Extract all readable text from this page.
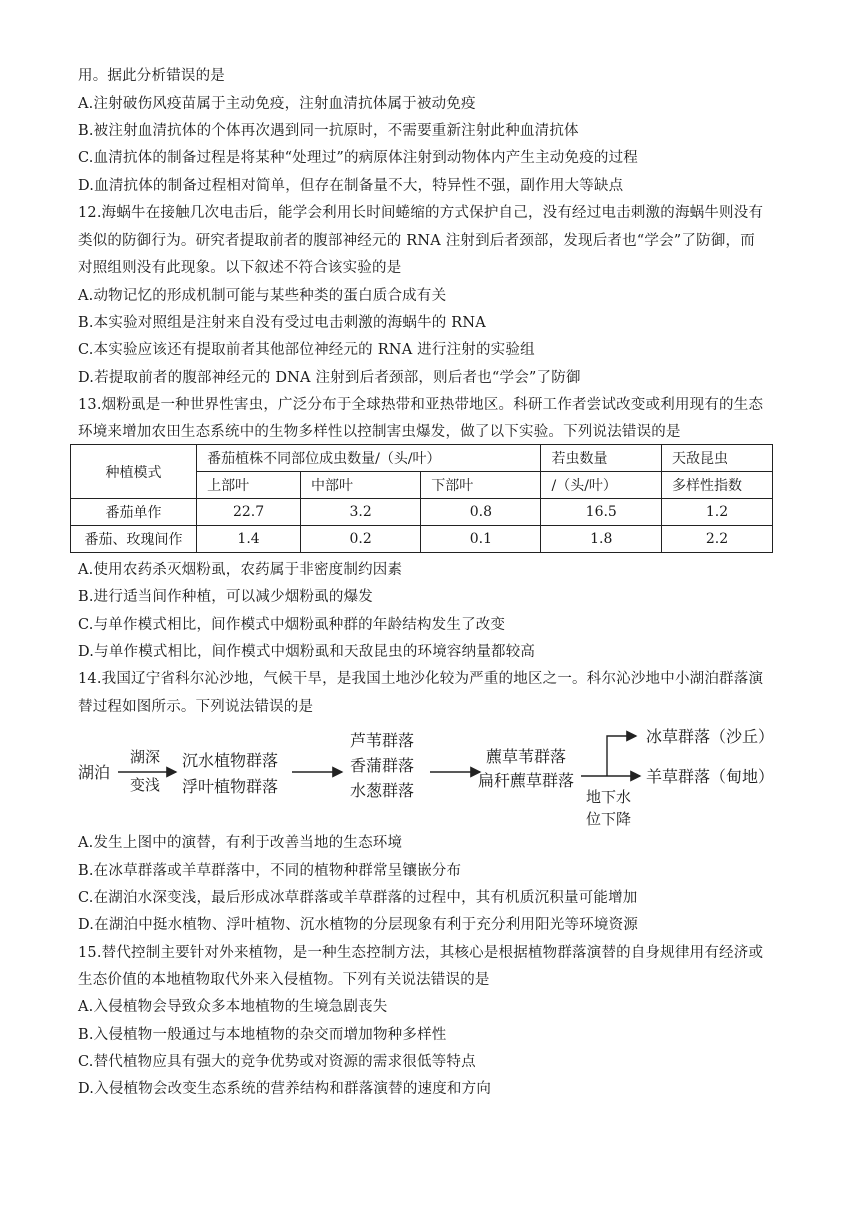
用。据此分析错误的是
A.注射破伤风疫苗属于主动免疫，注射血清抗体属于被动免疫
B.被注射血清抗体的个体再次遇到同一抗原时，不需要重新注射此种血清抗体
C.血清抗体的制备过程是将某种“处理过”的病原体注射到动物体内产生主动免疫的过程
D.血清抗体的制备过程相对简单，但存在制备量不大，特异性不强，副作用大等缺点
12.海蜗牛在接触几次电击后，能学会利用长时间蜷缩的方式保护自己，没有经过电击刺激的海蜗牛则没有
类似的防御行为。研究者提取前者的腹部神经元的 RNA 注射到后者颈部，发现后者也“学会”了防御，而
对照组则没有此现象。以下叙述不符合该实验的是
A.动物记忆的形成机制可能与某些种类的蛋白质合成有关
B.本实验对照组是注射来自没有受过电击刺激的海蜗牛的 RNA
C.本实验应该还有提取前者其他部位神经元的 RNA 进行注射的实验组
D.若提取前者的腹部神经元的 DNA 注射到后者颈部，则后者也“学会”了防御
13.烟粉虱是一种世界性害虫，广泛分布于全球热带和亚热带地区。科研工作者尝试改变或利用现有的生态
环境来增加农田生态系统中的生物多样性以控制害虫爆发，做了以下实验。下列说法错误的是
种植模式	番茄植株不同部位成虫数量/（头/叶）			若虫数量	天敌昆虫
	上部叶	中部叶	下部叶	/（头/叶）	多样性指数
番茄单作	22.7	3.2	0.8	16.5	1.2
番茄、玫瑰间作	1.4	0.2	0.1	1.8	2.2
A.使用农药杀灭烟粉虱，农药属于非密度制约因素
B.进行适当间作种植，可以减少烟粉虱的爆发
C.与单作模式相比，间作模式中烟粉虱种群的年龄结构发生了改变
D.与单作模式相比，间作模式中烟粉虱和天敌昆虫的环境容纳量都较高
14.我国辽宁省科尔沁沙地，气候干旱，是我国土地沙化较为严重的地区之一。科尔沁沙地中小湖泊群落演
替过程如图所示。下列说法错误的是
湖泊
湖深
变浅
沉水植物群落
浮叶植物群落
芦苇群落
香蒲群落
水葱群落
藨草苇群落
扁秆藨草群落
地下水
位下降
冰草群落（沙丘）
羊草群落（甸地）
A.发生上图中的演替，有利于改善当地的生态环境
B.在冰草群落或羊草群落中，不同的植物种群常呈镶嵌分布
C.在湖泊水深变浅，最后形成冰草群落或羊草群落的过程中，其有机质沉积量可能增加
D.在湖泊中挺水植物、浮叶植物、沉水植物的分层现象有利于充分利用阳光等环境资源
15.替代控制主要针对外来植物，是一种生态控制方法，其核心是根据植物群落演替的自身规律用有经济或
生态价值的本地植物取代外来入侵植物。下列有关说法错误的是
A.入侵植物会导致众多本地植物的生境急剧丧失
B.入侵植物一般通过与本地植物的杂交而增加物种多样性
C.替代植物应具有强大的竞争优势或对资源的需求很低等特点
D.入侵植物会改变生态系统的营养结构和群落演替的速度和方向
